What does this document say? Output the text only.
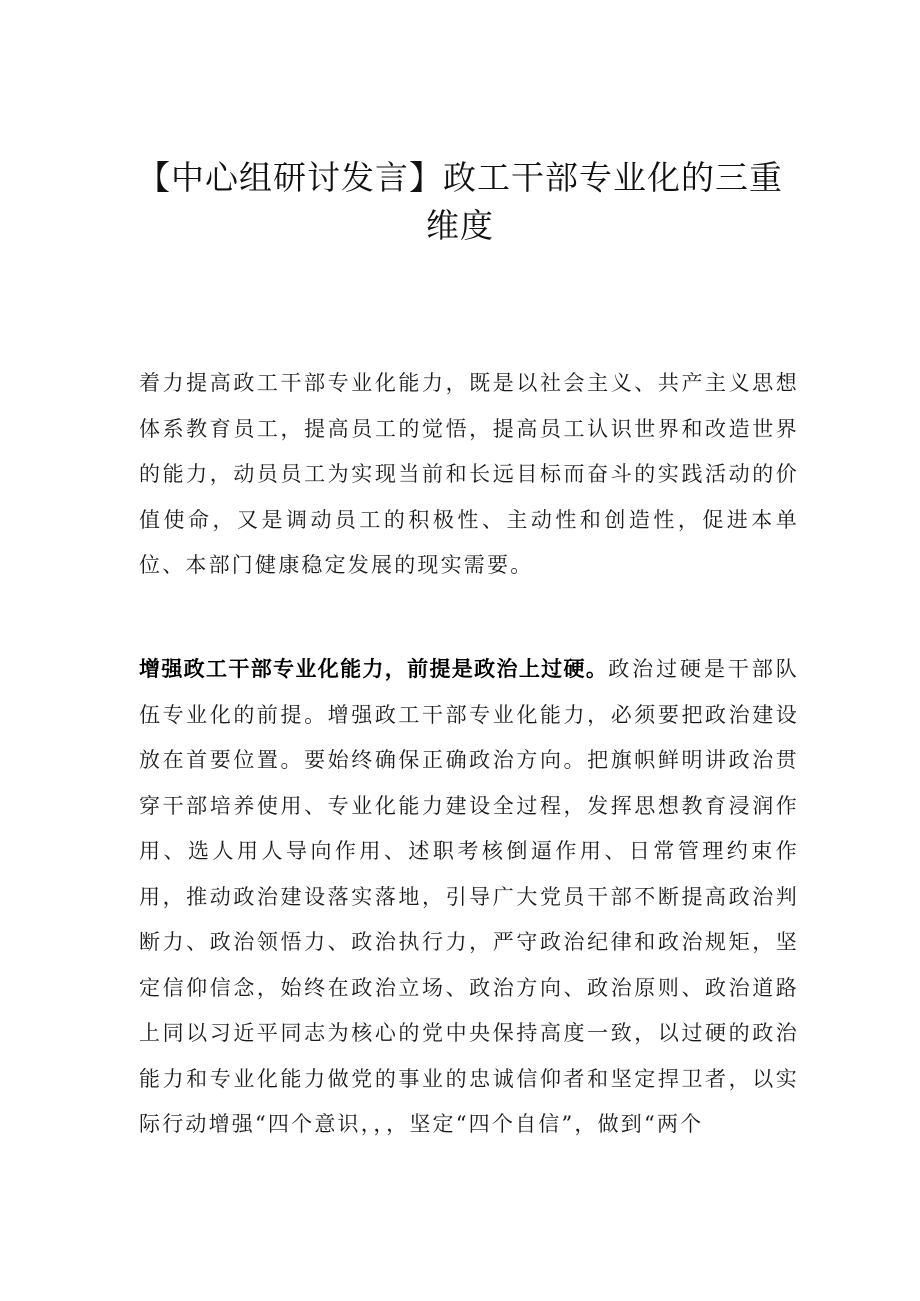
【中心组研讨发言】政工干部专业化的三重
维度

着力提高政工干部专业化能力，既是以社会主义、共产主义思想体系教育员工，提高员工的觉悟，提高员工认识世界和改造世界的能力，动员员工为实现当前和长远目标而奋斗的实践活动的价值使命，又是调动员工的积极性、主动性和创造性，促进本单位、本部门健康稳定发展的现实需要。

增强政工干部专业化能力，前提是政治上过硬。政治过硬是干部队伍专业化的前提。增强政工干部专业化能力，必须要把政治建设放在首要位置。要始终确保正确政治方向。把旗帜鲜明讲政治贯穿干部培养使用、专业化能力建设全过程，发挥思想教育浸润作用、选人用人导向作用、述职考核倒逼作用、日常管理约束作用，推动政治建设落实落地，引导广大党员干部不断提高政治判断力、政治领悟力、政治执行力，严守政治纪律和政治规矩，坚定信仰信念，始终在政治立场、政治方向、政治原则、政治道路上同以习近平同志为核心的党中央保持高度一致，以过硬的政治能力和专业化能力做党的事业的忠诚信仰者和坚定捍卫者，以实际行动增强“四个意识，，，坚定“四个自信”，做到“两个
